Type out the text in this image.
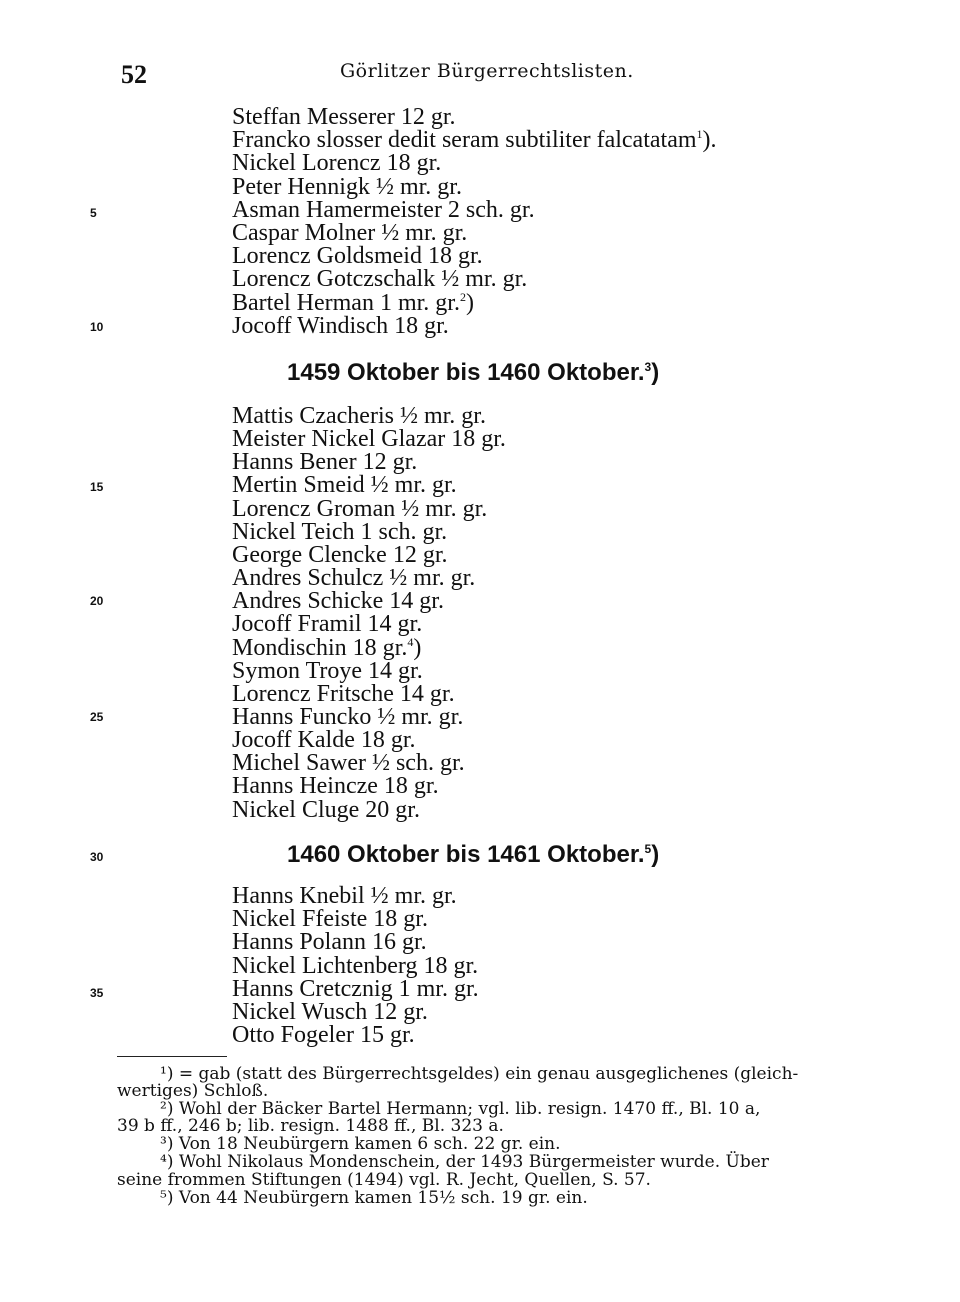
52	Görlitzer Bürgerrechtslisten.
Steffan Messerer 12 gr.
Francko slosser dedit seram subtiliter falcatatam$^1$).
Nickel Lorencz 18 gr.
Peter Hennigk ½ mr. gr.
Asman Hamermeister 2 sch. gr.
Caspar Molner ½ mr. gr.
Lorencz Goldsmeid 18 gr.
Lorencz Gotczschalk ½ mr. gr.
Bartel Herman 1 mr. gr.$^2$)
Jocoff Windisch 18 gr.
Mattis Czacheris ½ mr. gr.
Meister Nickel Glazar 18 gr.
Hanns Bener 12 gr.
Mertin Smeid ½ mr. gr.
Lorencz Groman ½ mr. gr.
Nickel Teich 1 sch. gr.
George Clencke 12 gr.
Andres Schulcz ½ mr. gr.
Andres Schicke 14 gr.
Jocoff Framil 14 gr.
Mondischin 18 gr.$^4$)
Symon Troye 14 gr.
Lorencz Fritsche 14 gr.
Hanns Funcko ½ mr. gr.
Jocoff Kalde 18 gr.
Michel Sawer ½ sch. gr.
Hanns Heincze 18 gr.
Nickel Cluge 20 gr.
Hanns Knebil ½ mr. gr.
Nickel Ffeiste 18 gr.
Hanns Polann 16 gr.
Nickel Lichtenberg 18 gr.
Hanns Cretcznig 1 mr. gr.
Nickel Wusch 12 gr.
Otto Fogeler 15 gr.
5
10
15
20
25
30
35
1459 Oktober bis 1460 Oktober.$^3$)
1460 Oktober bis 1461 Oktober.$^5$)
¹) = gab (statt des Bürgerrechtsgeldes) ein genau ausgeglichenes (gleich-
wertiges) Schloß.
²) Wohl der Bäcker Bartel Hermann; vgl. lib. resign. 1470 ff., Bl. 10 a,
39 b ff., 246 b; lib. resign. 1488 ff., Bl. 323 a.
³) Von 18 Neubürgern kamen 6 sch. 22 gr. ein.
⁴) Wohl Nikolaus Mondenschein, der 1493 Bürgermeister wurde. Über
seine frommen Stiftungen (1494) vgl. R. Jecht, Quellen, S. 57.
⁵) Von 44 Neubürgern kamen 15½ sch. 19 gr. ein.
